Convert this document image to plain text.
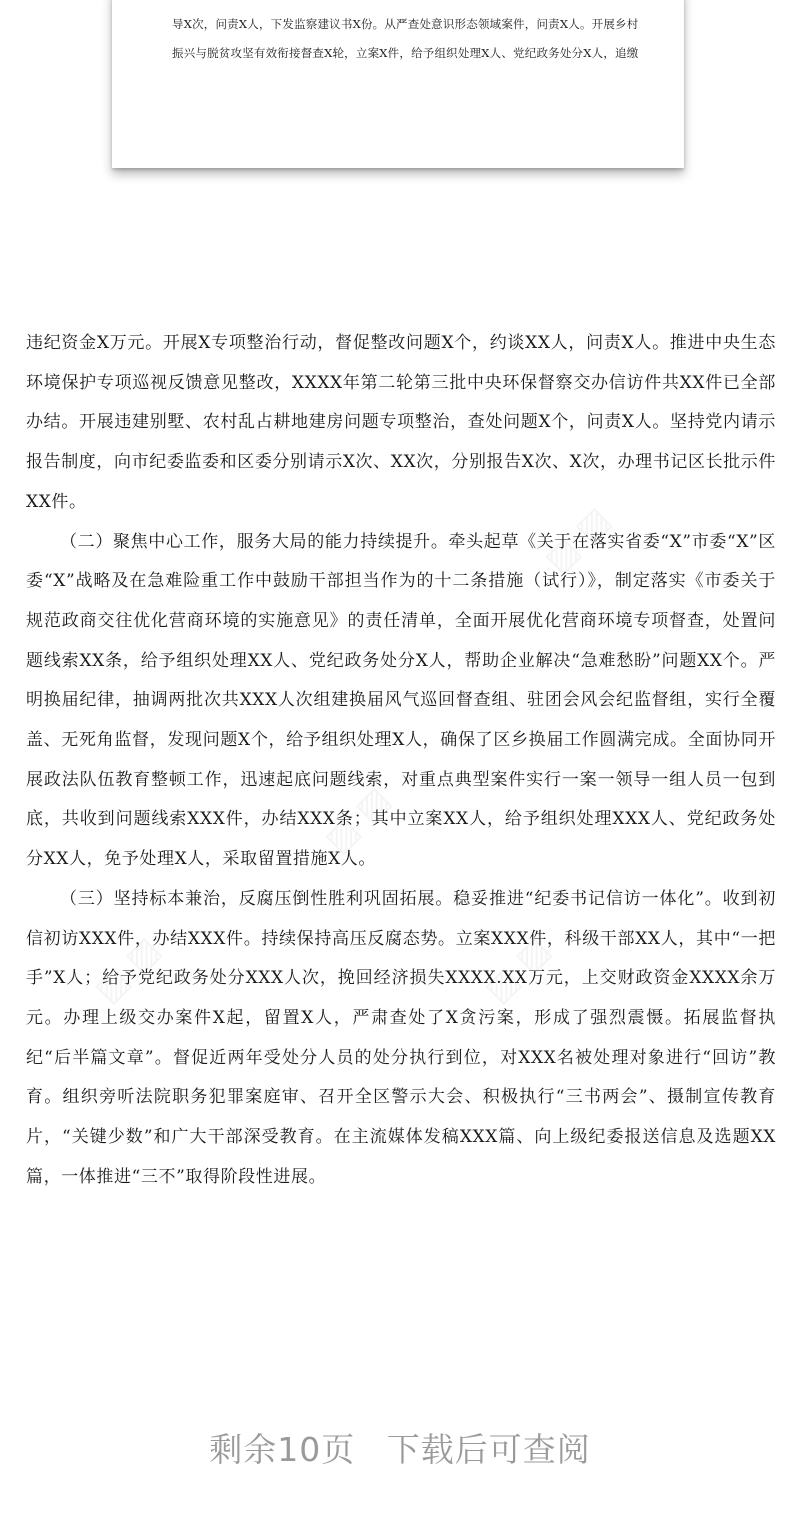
导X次，问责X人，下发监察建议书X份。从严查处意识形态领域案件，问责X人。开展乡村
振兴与脱贫攻坚有效衔接督查X轮，立案X件，给予组织处理X人、党纪政务处分X人，追缴

违纪资金X万元。开展X专项整治行动，督促整改问题X个，约谈XX人，问责X人。推进中央生态环境保护专项巡视反馈意见整改，XXXX年第二轮第三批中央环保督察交办信访件共XX件已全部办结。开展违建别墅、农村乱占耕地建房问题专项整治，查处问题X个，问责X人。坚持党内请示报告制度，向市纪委监委和区委分别请示X次、XX次，分别报告X次、X次，办理书记区长批示件XX件。

（二）聚焦中心工作，服务大局的能力持续提升。牵头起草《关于在落实省委“X”市委“X”区委“X”战略及在急难险重工作中鼓励干部担当作为的十二条措施（试行）》，制定落实《市委关于规范政商交往优化营商环境的实施意见》的责任清单，全面开展优化营商环境专项督查，处置问题线索XX条，给予组织处理XX人、党纪政务处分X人，帮助企业解决“急难愁盼”问题XX个。严明换届纪律，抽调两批次共XXX人次组建换届风气巡回督查组、驻团会风会纪监督组，实行全覆盖、无死角监督，发现问题X个，给予组织处理X人，确保了区乡换届工作圆满完成。全面协同开展政法队伍教育整顿工作，迅速起底问题线索，对重点典型案件实行一案一领导一组人员一包到底，共收到问题线索XXX件，办结XXX条；其中立案XX人，给予组织处理XXX人、党纪政务处分XX人，免予处理X人，采取留置措施X人。

（三）坚持标本兼治，反腐压倒性胜利巩固拓展。稳妥推进“纪委书记信访一体化”。收到初信初访XXX件，办结XXX件。持续保持高压反腐态势。立案XXX件，科级干部XX人，其中“一把手”X人；给予党纪政务处分XXX人次，挽回经济损失XXXX.XX万元，上交财政资金XXXX余万元。办理上级交办案件X起，留置X人，严肃查处了X贪污案，形成了强烈震慑。拓展监督执纪“后半篇文章”。督促近两年受处分人员的处分执行到位，对XXX名被处理对象进行“回访”教育。组织旁听法院职务犯罪案庭审、召开全区警示大会、积极执行“三书两会”、摄制宣传教育片，“关键少数”和广大干部深受教育。在主流媒体发稿XXX篇、向上级纪委报送信息及选题XX篇，一体推进“三不”取得阶段性进展。

剩余10页 下载后可查阅
